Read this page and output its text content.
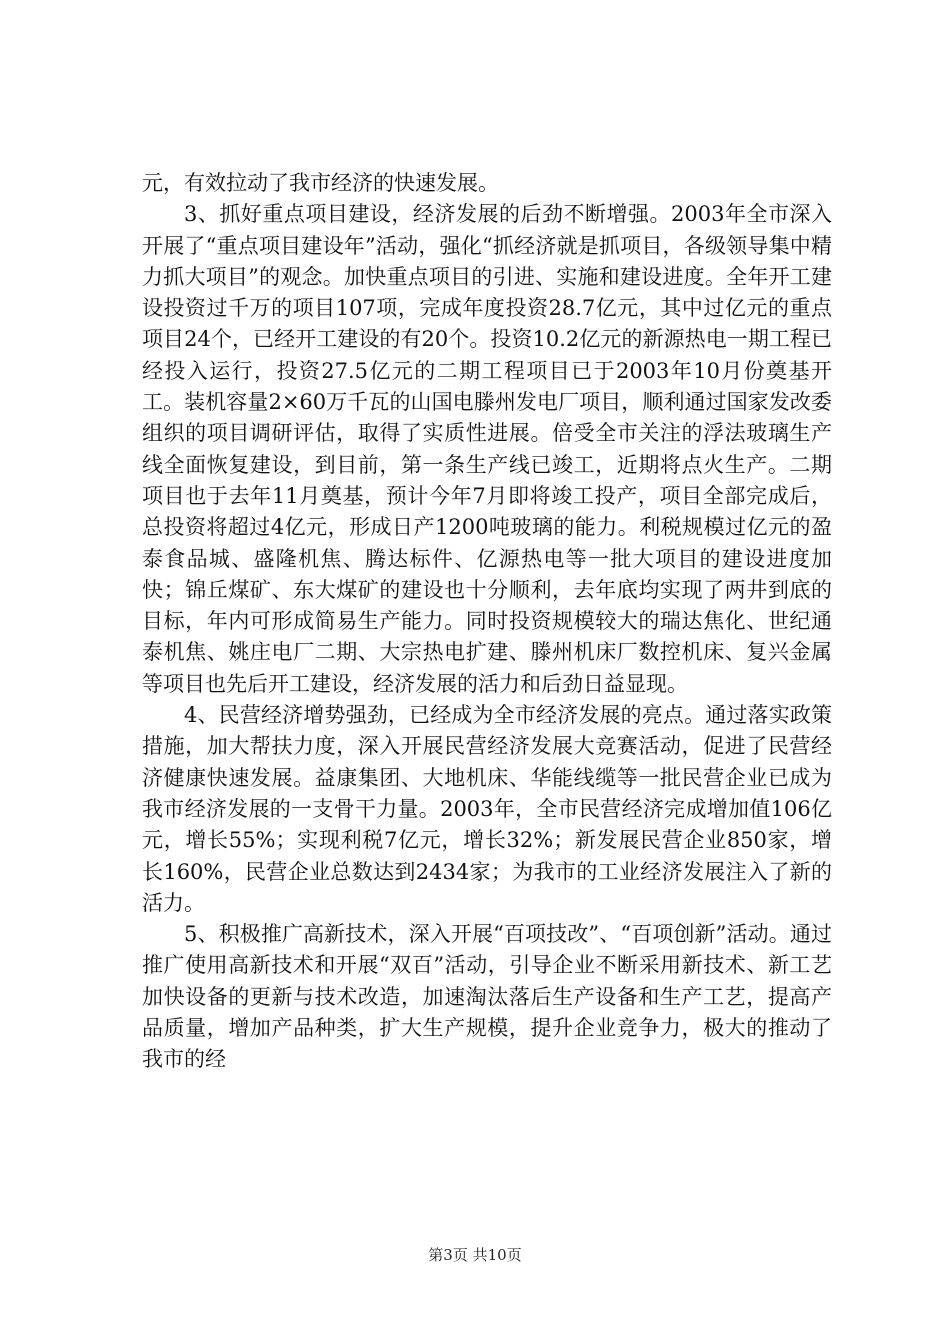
元，有效拉动了我市经济的快速发展。

3、抓好重点项目建设，经济发展的后劲不断增强。2003年全市深入开展了“重点项目建设年”活动，强化“抓经济就是抓项目，各级领导集中精力抓大项目”的观念。加快重点项目的引进、实施和建设进度。全年开工建设投资过千万的项目107项，完成年度投资28.7亿元，其中过亿元的重点项目24个，已经开工建设的有20个。投资10.2亿元的新源热电一期工程已经投入运行，投资27.5亿元的二期工程项目已于2003年10月份奠基开工。装机容量2×60万千瓦的山国电滕州发电厂项目，顺利通过国家发改委组织的项目调研评估，取得了实质性进展。倍受全市关注的浮法玻璃生产线全面恢复建设，到目前，第一条生产线已竣工，近期将点火生产。二期项目也于去年11月奠基，预计今年7月即将竣工投产，项目全部完成后，总投资将超过4亿元，形成日产1200吨玻璃的能力。利税规模过亿元的盈泰食品城、盛隆机焦、腾达标件、亿源热电等一批大项目的建设进度加快；锦丘煤矿、东大煤矿的建设也十分顺利，去年底均实现了两井到底的目标，年内可形成简易生产能力。同时投资规模较大的瑞达焦化、世纪通泰机焦、姚庄电厂二期、大宗热电扩建、滕州机床厂数控机床、复兴金属等项目也先后开工建设，经济发展的活力和后劲日益显现。

4、民营经济增势强劲，已经成为全市经济发展的亮点。通过落实政策措施，加大帮扶力度，深入开展民营经济发展大竞赛活动，促进了民营经济健康快速发展。益康集团、大地机床、华能线缆等一批民营企业已成为我市经济发展的一支骨干力量。2003年，全市民营经济完成增加值106亿元，增长55%；实现利税7亿元，增长32%；新发展民营企业850家，增长160%，民营企业总数达到2434家；为我市的工业经济发展注入了新的活力。

5、积极推广高新技术，深入开展“百项技改”、“百项创新”活动。通过推广使用高新技术和开展“双百”活动，引导企业不断采用新技术、新工艺加快设备的更新与技术改造，加速淘汰落后生产设备和生产工艺，提高产品质量，增加产品种类，扩大生产规模，提升企业竞争力，极大的推动了我市的经

第3页 共10页
